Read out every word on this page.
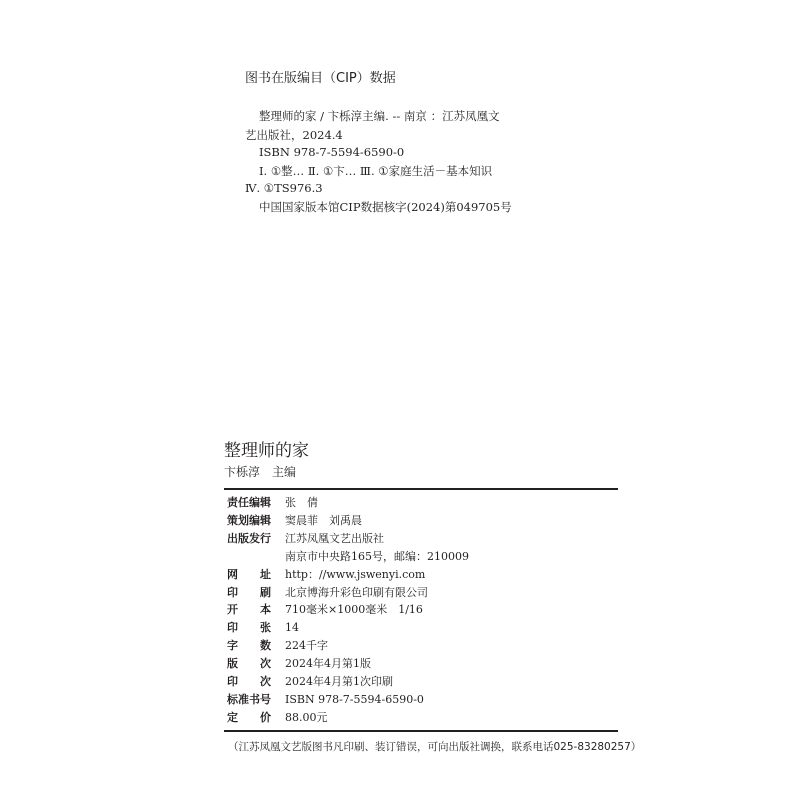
图书在版编目（CIP）数据
整理师的家 / 卞栎淳主编. -- 南京 ：江苏凤凰文
艺出版社，2024.4
ISBN 978-7-5594-6590-0
Ⅰ. ①整… Ⅱ. ①卞… Ⅲ. ①家庭生活－基本知识
Ⅳ. ①TS976.3
中国国家版本馆CIP数据核字(2024)第049705号
整理师的家
卞栎淳　主编
责任编辑 张　倩
策划编辑 窦晨菲　刘禹晨
出版发行 江苏凤凰文艺出版社
南京市中央路165号，邮编：210009
网　　址 http：//www.jswenyi.com
印　　刷 北京博海升彩色印刷有限公司
开　　本 710毫米×1000毫米　1/16
印　　张 14
字　　数 224千字
版　　次 2024年4月第1版
印　　次 2024年4月第1次印刷
标准书号 ISBN 978-7-5594-6590-0
定　　价 88.00元
（江苏凤凰文艺版图书凡印刷、装订错误，可向出版社调换，联系电话025-83280257）
